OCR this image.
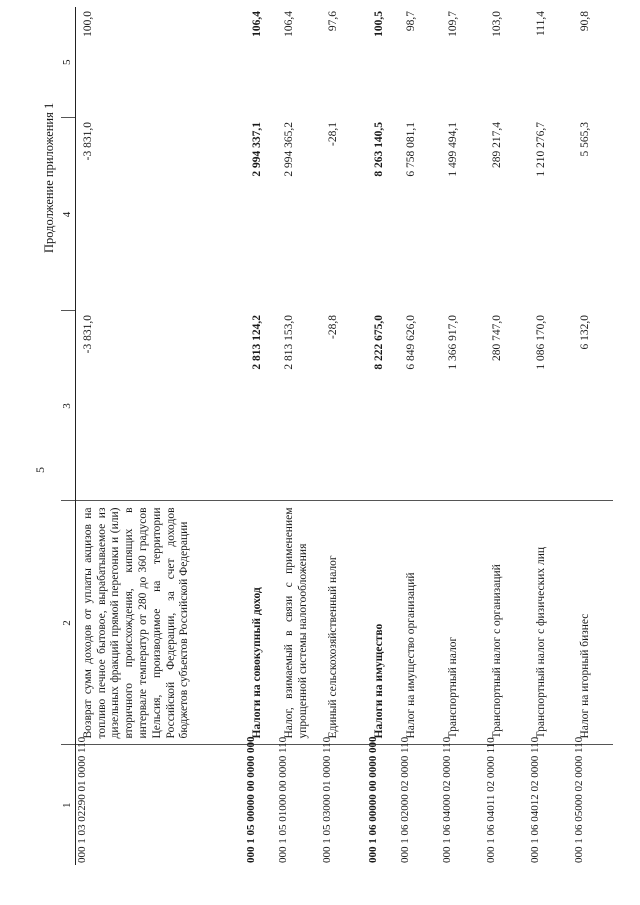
5
Продолжение приложения 1
1	2	3	4	5
000 1 03 02290 01 0000 110	Возврат сумм доходов от уплаты акцизов на топливо печное бытовое, вырабатываемое из дизельных фракций прямой перегонки и (или) вторичного происхождения, кипящих в интервале температур от 280 до 360 градусов Цельсия, производимое на территории Российской Федерации, за счет доходов бюджетов субъектов Российской Федерации	-3 831,0	-3 831,0	100,0
000 1 05 00000 00 0000 000	Налоги на совокупный доход	2 813 124,2	2 994 337,1	106,4
000 1 05 01000 00 0000 110	Налог, взимаемый в связи с применением упрощенной системы налогообложения	2 813 153,0	2 994 365,2	106,4
000 1 05 03000 01 0000 110	Единый сельскохозяйственный налог	-28,8	-28,1	97,6
000 1 06 00000 00 0000 000	Налоги на имущество	8 222 675,0	8 263 140,5	100,5
000 1 06 02000 02 0000 110	Налог на имущество организаций	6 849 626,0	6 758 081,1	98,7
000 1 06 04000 02 0000 110	Транспортный налог	1 366 917,0	1 499 494,1	109,7
000 1 06 04011 02 0000 110	Транспортный налог с организаций	280 747,0	289 217,4	103,0
000 1 06 04012 02 0000 110	Транспортный налог с физических лиц	1 086 170,0	1 210 276,7	111,4
000 1 06 05000 02 0000 110	Налог на игорный бизнес	6 132,0	5 565,3	90,8
